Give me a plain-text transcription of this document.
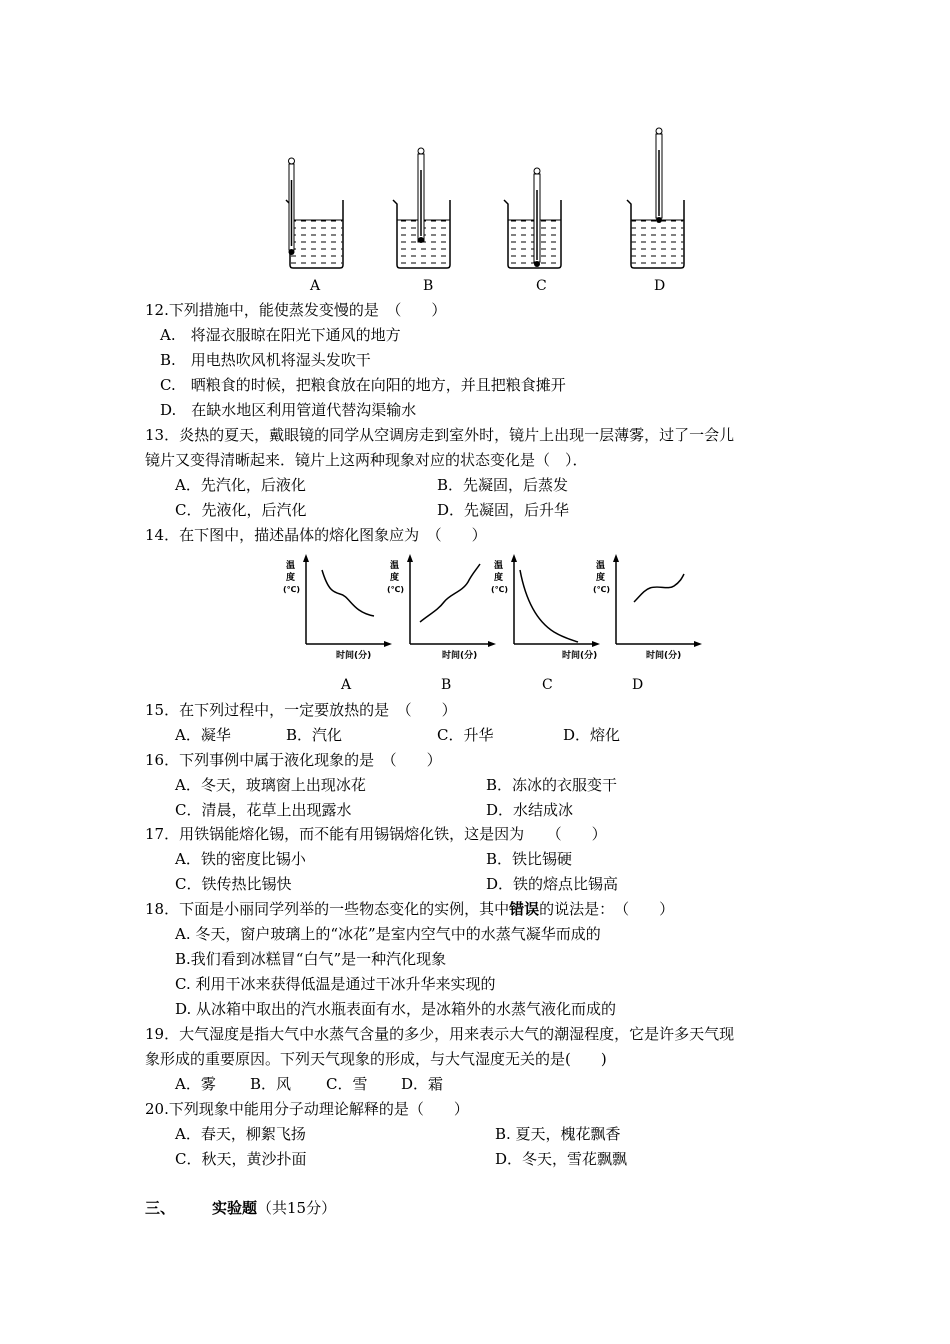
A	B	C	D
12.下列措施中，能使蒸发变慢的是　（　　）
A.　将湿衣服晾在阳光下通风的地方
B.　用电热吹风机将湿头发吹干
C.　晒粮食的时候，把粮食放在向阳的地方，并且把粮食摊开
D.　在缺水地区利用管道代替沟渠输水
13．炎热的夏天，戴眼镜的同学从空调房走到室外时，镜片上出现一层薄雾，过了一会儿
镜片又变得清晰起来．镜片上这两种现象对应的状态变化是（　）．
A．先汽化，后液化	B．先凝固，后蒸发
C．先液化，后汽化	D．先凝固，后升华
14．在下图中，描述晶体的熔化图象应为　（　　）
温
度
(℃)
时间(分)
温
度
(℃)
时间(分)
温
度
(℃)
时间(分)
温
度
(℃)
时间(分)
A	B	C	D
15．在下列过程中，一定要放热的是　（　　）
A．凝华	B．汽化	C．升华	D．熔化
16．下列事例中属于液化现象的是　（　　）
A．冬天，玻璃窗上出现冰花	B．冻冰的衣服变干
C．清晨，花草上出现露水	D．水结成冰
17．用铁锅能熔化锡，而不能有用锡锅熔化铁，这是因为　　（　　）
A．铁的密度比锡小	B．铁比锡硬
C．铁传热比锡快	D．铁的熔点比锡高
18．下面是小丽同学列举的一些物态变化的实例，其中错误的说法是：　（　　）
A. 冬天，窗户玻璃上的“冰花”是室内空气中的水蒸气凝华而成的
B.我们看到冰糕冒“白气”是一种汽化现象
C. 利用干冰来获得低温是通过干冰升华来实现的
D. 从冰箱中取出的汽水瓶表面有水，是冰箱外的水蒸气液化而成的
19．大气湿度是指大气中水蒸气含量的多少，用来表示大气的潮湿程度，它是许多天气现
象形成的重要原因。下列天气现象的形成，与大气湿度无关的是(　　)
A．雾 B．风 C．雪 D．霜
20.下列现象中能用分子动理论解释的是（　　）
A．春天，柳絮飞扬	B. 夏天，槐花飘香
C．秋天，黄沙扑面	D．冬天，雪花飘飘
三、 实验题（共15分）
